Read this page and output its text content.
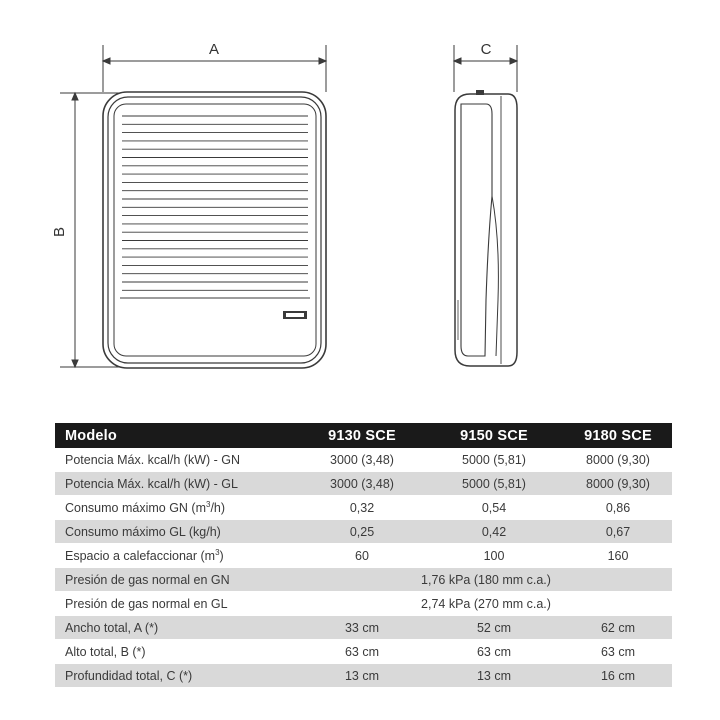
A
B
C
Modelo	9130 SCE	9150 SCE	9180 SCE
Potencia Máx. kcal/h (kW) - GN	3000 (3,48)	5000 (5,81)	8000 (9,30)
Potencia Máx. kcal/h (kW) - GL	3000 (3,48)	5000 (5,81)	8000 (9,30)
Consumo máximo GN $(m^3/h)$	0,32	0,54	0,86
Consumo máximo GL (kg/h)	0,25	0,42	0,67
Espacio a calefaccionar $(m^3)$	60	100	160
Presión de gas normal en GN	1,76 kPa (180 mm c.a.)		
Presión de gas normal en GL	2,74 kPa (270 mm c.a.)		
Ancho total, A (*)	33 cm	52 cm	62 cm
Alto total, B (*)	63 cm	63 cm	63 cm
Profundidad total, C (*)	13 cm	13 cm	16 cm
